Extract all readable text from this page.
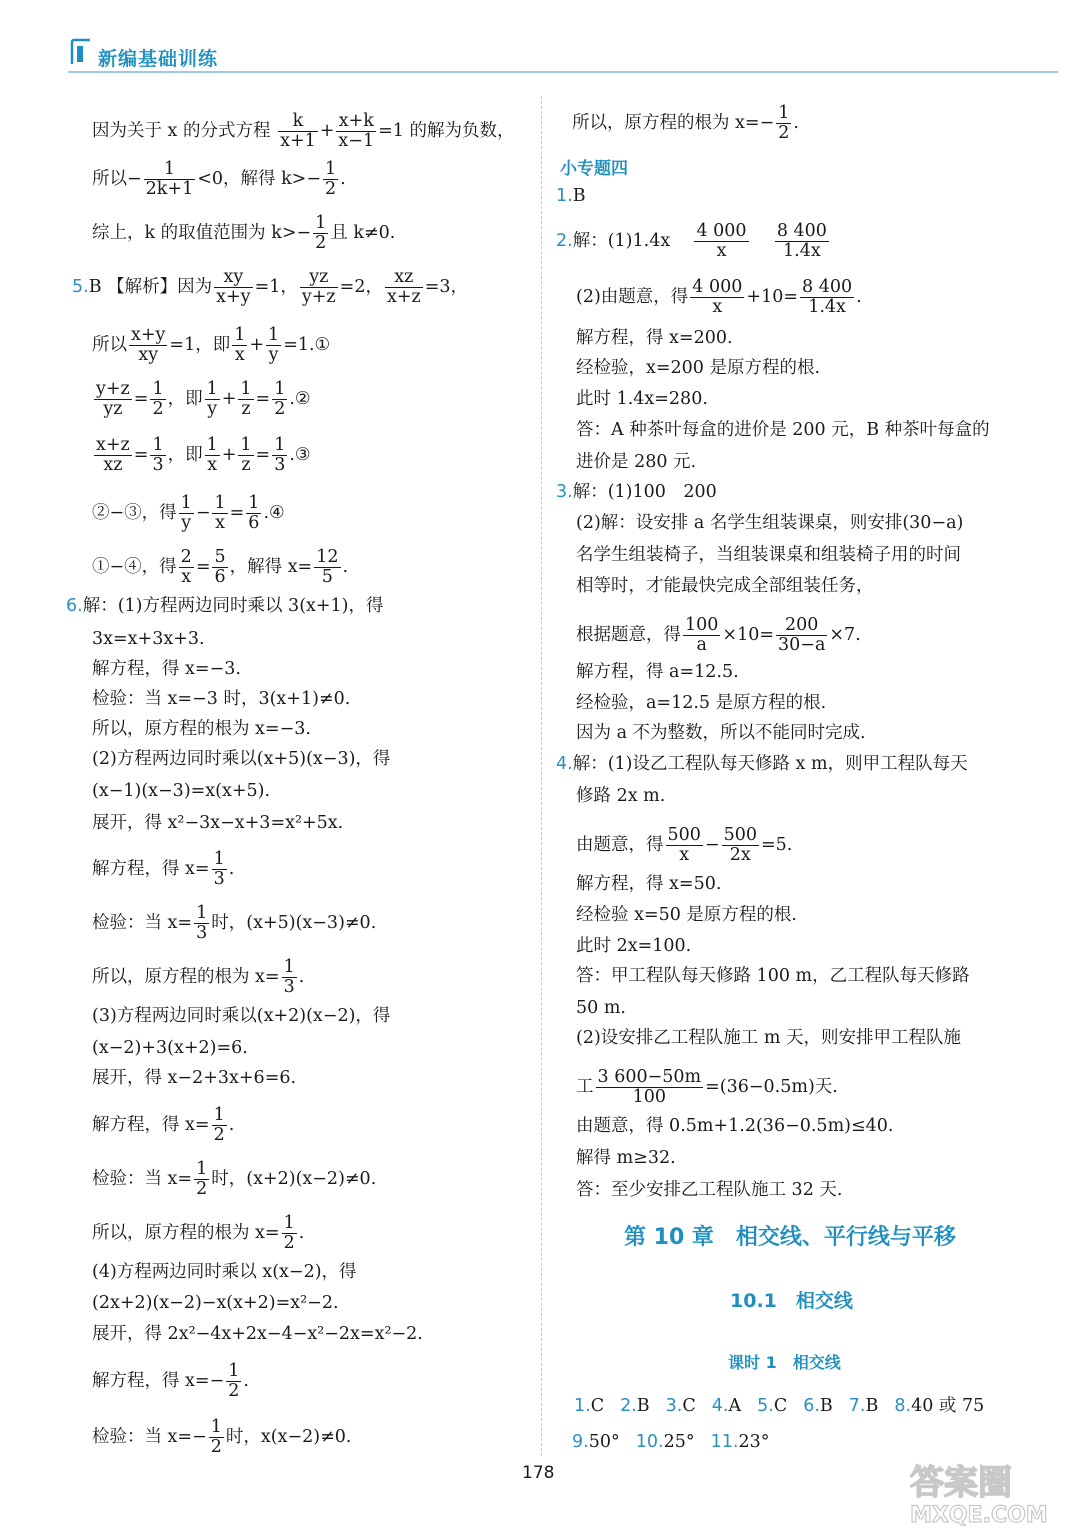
新编基础训练
因为关于 x 的分式方程 $\frac{k}{x+1} + \frac{x+k}{x-1} =1$ 的解为负数，
所以− $\frac{1}{2k+1} <0$，解得 $k>- \frac{1}{2}$ .
综上，k 的取值范围为 $k>- \frac{1}{2}$ 且 k≠0.
5.B 【解析】因为 $\frac{xy}{x+y} =1$， $\frac{yz}{y+z} =2$， $\frac{xz}{x+z} =3$，
所以 $\frac{x+y}{xy} =1$，即 $\frac{1}{x} + \frac{1}{y}$ =1.①
$\frac{y+z}{yz} = \frac{1}{2}$ ，即 $\frac{1}{y} + \frac{1}{z} = \frac{1}{2}$ .②
$\frac{x+z}{xz} = \frac{1}{3}$ ，即 $\frac{1}{x} + \frac{1}{z} = \frac{1}{3}$ .③
②−③，得 $\frac{1}{y} - \frac{1}{x} = \frac{1}{6}$ .④
①−④，得 $\frac{2}{x} = \frac{5}{6}$ ，解得 $x= \frac{12}{5}$ .
6.解：(1)方程两边同时乘以 3(x+1)，得
3x=x+3x+3.
解方程，得 x=−3.
检验：当 x=−3 时，3(x+1)≠0.
所以，原方程的根为 x=−3.
(2)方程两边同时乘以(x+5)(x−3)，得
(x−1)(x−3)=x(x+5).
展开，得 x²−3x−x+3=x²+5x.
解方程，得 $x= \frac{1}{3}$ .
检验：当 $x= \frac{1}{3}$ 时，(x+5)(x−3)≠0.
所以，原方程的根为 $x= \frac{1}{3}$ .
(3)方程两边同时乘以(x+2)(x−2)，得
(x−2)+3(x+2)=6.
展开，得 x−2+3x+6=6.
解方程，得 $x= \frac{1}{2}$ .
检验：当 $x= \frac{1}{2}$ 时，(x+2)(x−2)≠0.
所以，原方程的根为 $x= \frac{1}{2}$ .
(4)方程两边同时乘以 x(x−2)，得
(2x+2)(x−2)−x(x+2)=x²−2.
展开，得 2x²−4x+2x−4−x²−2x=x²−2.
解方程，得 $x=- \frac{1}{2}$ .
检验：当 $x=- \frac{1}{2}$ 时，x(x−2)≠0.
所以，原方程的根为 $x=- \frac{1}{2}$ .
小专题四
1.B
2.解：$(1)1.4x \frac{4 000}{x}$
$\frac{8 400}{1.4x}$
(2)由题意，得 $\frac{4 000}{x} +10= \frac{8 400}{1.4x}$ .
解方程，得 x=200.
经检验，x=200 是原方程的根.
此时 1.4x=280.
答：A 种茶叶每盒的进价是 200 元，B 种茶叶每盒的
进价是 280 元.
3.解：(1)100　200
(2)解：设安排 a 名学生组装课桌，则安排(30−a)
名学生组装椅子，当组装课桌和组装椅子用的时间
相等时，才能最快完成全部组装任务，
根据题意，得 $\frac{100}{a} \times 10= \frac{200}{30-a} \times 7$.
解方程，得 a=12.5.
经检验，a=12.5 是原方程的根.
因为 a 不为整数，所以不能同时完成.
4.解：(1)设乙工程队每天修路 x m，则甲工程队每天
修路 2x m.
由题意，得 $\frac{500}{x} - \frac{500}{2x} =5$.
解方程，得 x=50.
经检验 x=50 是原方程的根.
此时 2x=100.
答：甲工程队每天修路 100 m，乙工程队每天修路
50 m.
(2)设安排乙工程队施工 m 天，则安排甲工程队施
工 $\frac{3 600-50m}{100} =(36-0.5m)$天.
由题意，得 0.5m+1.2(36−0.5m)≤40.
解得 m≥32.
答：至少安排乙工程队施工 32 天.
第 10 章　相交线、平行线与平移
10.1　相交线
课时 1　相交线
1.C 2.B 3.C 4.A 5.C 6.B 7.B 8.40 或 75
9.50° 10.25° 11.23°
178	答案圈
MXQE.COM
